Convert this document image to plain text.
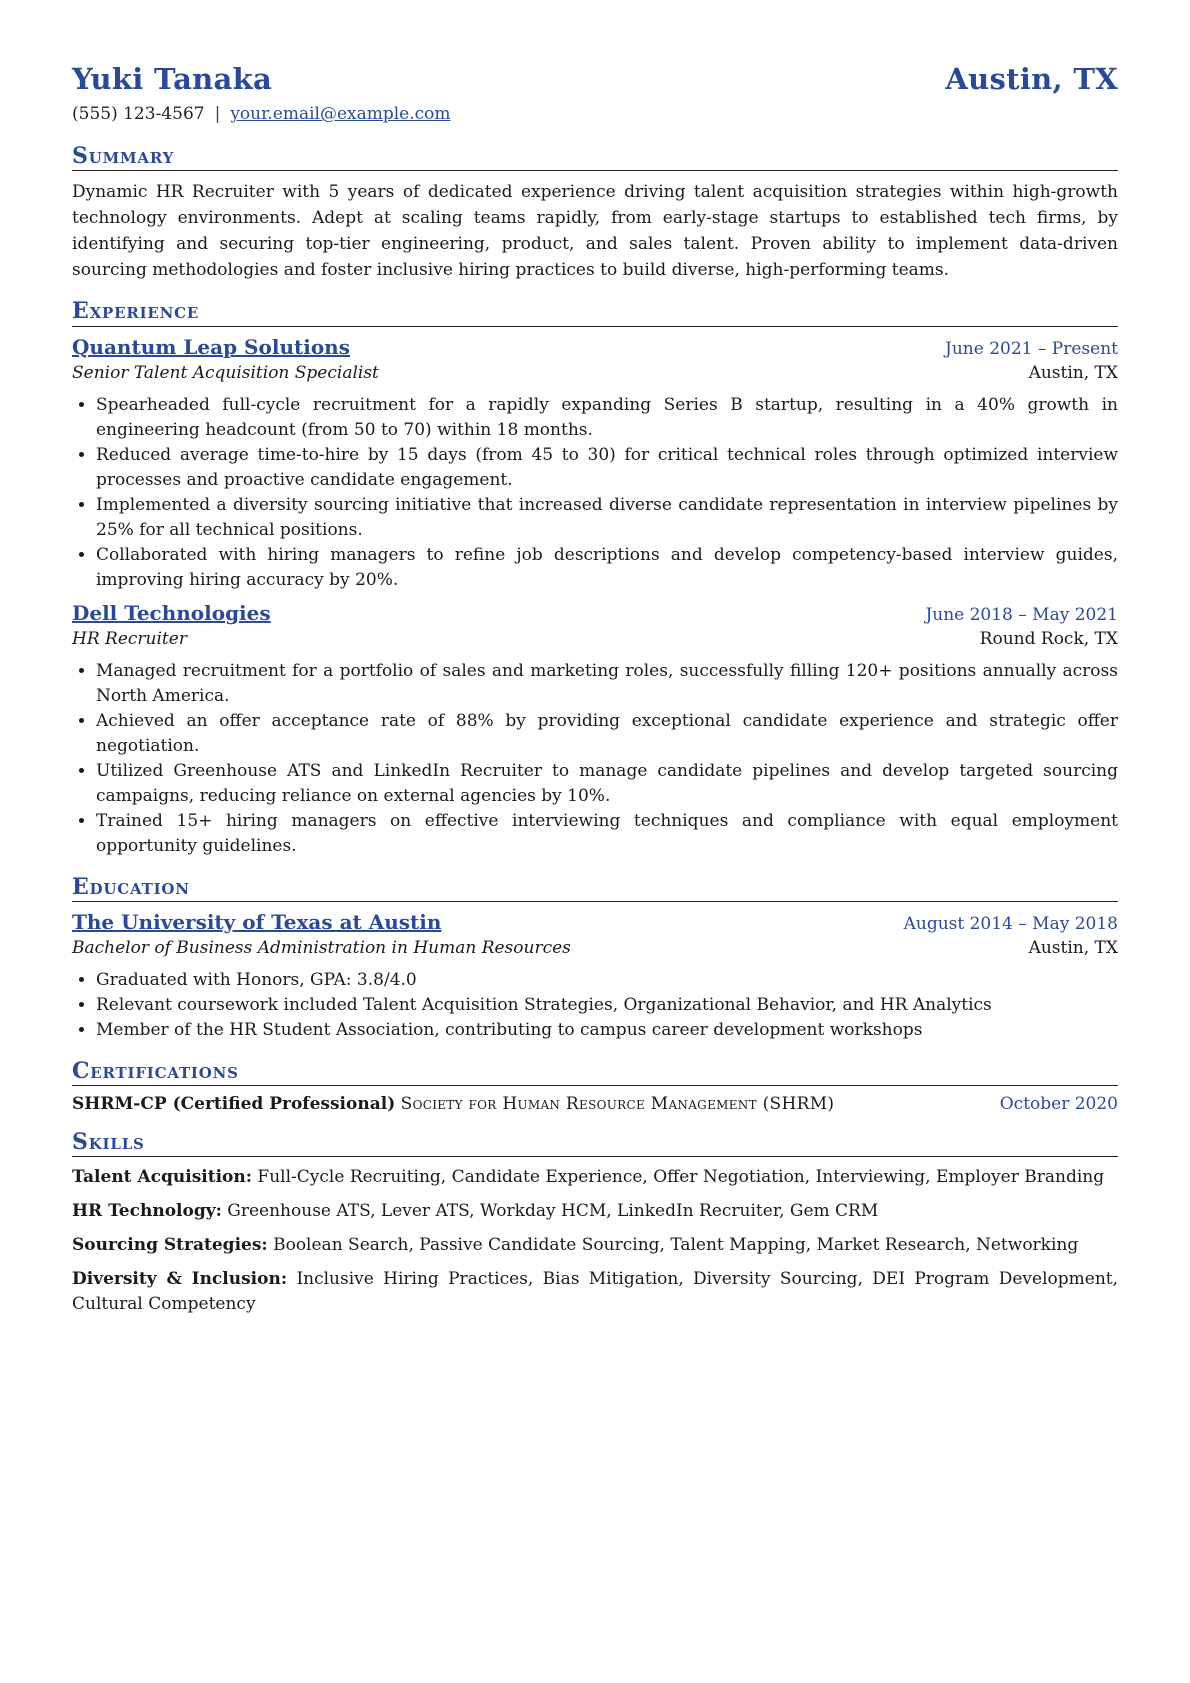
Yuki Tanaka	Austin, TX
(555) 123-4567 | your.email@example.com
Summary
Dynamic HR Recruiter with 5 years of dedicated experience driving talent acquisition strategies within high-growth technology environments. Adept at scaling teams rapidly, from early-stage startups to established tech firms, by identifying and securing top-tier engineering, product, and sales talent. Proven ability to implement data-driven sourcing methodologies and foster inclusive hiring practices to build diverse, high-performing teams.
Experience
Quantum Leap Solutions	June 2021 – Present
Senior Talent Acquisition Specialist	Austin, TX
• Spearheaded full-cycle recruitment for a rapidly expanding Series B startup, resulting in a 40% growth in engineering headcount (from 50 to 70) within 18 months.
• Reduced average time-to-hire by 15 days (from 45 to 30) for critical technical roles through optimized interview processes and proactive candidate engagement.
• Implemented a diversity sourcing initiative that increased diverse candidate representation in interview pipelines by 25% for all technical positions.
• Collaborated with hiring managers to refine job descriptions and develop competency-based interview guides, improving hiring accuracy by 20%.
Dell Technologies	June 2018 – May 2021
HR Recruiter	Round Rock, TX
• Managed recruitment for a portfolio of sales and marketing roles, successfully filling 120+ positions annually across North America.
• Achieved an offer acceptance rate of 88% by providing exceptional candidate experience and strategic offer negotiation.
• Utilized Greenhouse ATS and LinkedIn Recruiter to manage candidate pipelines and develop targeted sourcing campaigns, reducing reliance on external agencies by 10%.
• Trained 15+ hiring managers on effective interviewing techniques and compliance with equal employment opportunity guidelines.
Education
The University of Texas at Austin	August 2014 – May 2018
Bachelor of Business Administration in Human Resources	Austin, TX
• Graduated with Honors, GPA: 3.8/4.0
• Relevant coursework included Talent Acquisition Strategies, Organizational Behavior, and HR Analytics
• Member of the HR Student Association, contributing to campus career development workshops
Certifications
SHRM-CP (Certified Professional) Society for Human Resource Management (SHRM)	October 2020
Skills
Talent Acquisition: Full-Cycle Recruiting, Candidate Experience, Offer Negotiation, Interviewing, Employer Branding
HR Technology: Greenhouse ATS, Lever ATS, Workday HCM, LinkedIn Recruiter, Gem CRM
Sourcing Strategies: Boolean Search, Passive Candidate Sourcing, Talent Mapping, Market Research, Networking
Diversity & Inclusion: Inclusive Hiring Practices, Bias Mitigation, Diversity Sourcing, DEI Program Development, Cultural Competency
